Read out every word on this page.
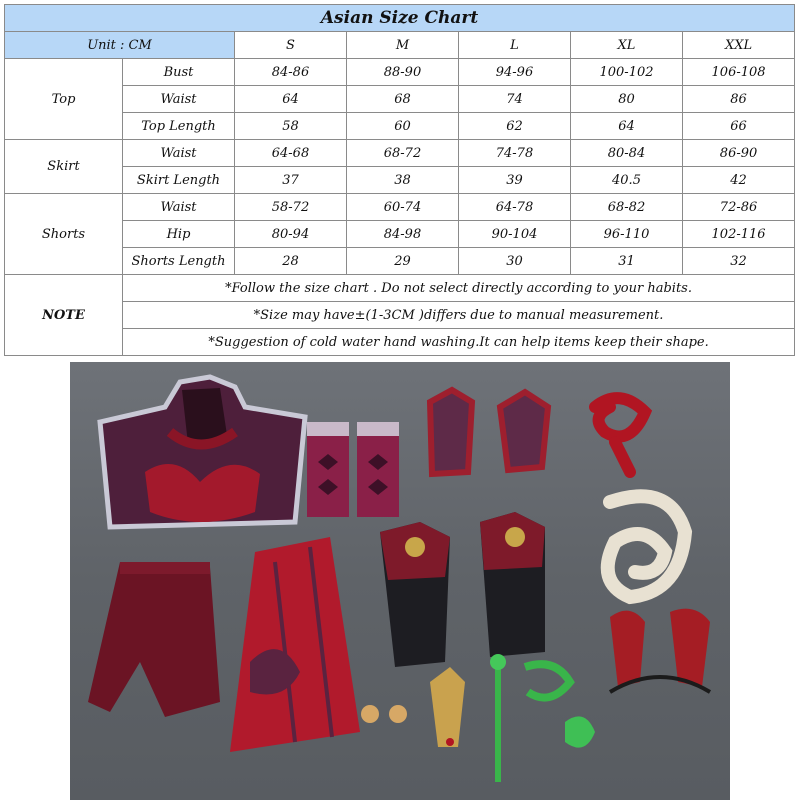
Asian Size Chart						
Unit : CM		S	M	L	XL	XXL
Top	Bust	84-86	88-90	94-96	100-102	106-108
	Waist	64	68	74	80	86
	Top Length	58	60	62	64	66
Skirt	Waist	64-68	68-72	74-78	80-84	86-90
	Skirt Length	37	38	39	40.5	42
Shorts	Waist	58-72	60-74	64-78	68-82	72-86
	Hip	80-94	84-98	90-104	96-110	102-116
	Shorts Length	28	29	30	31	32
NOTE	*Follow the size chart . Do not select directly according to your habits.					
	*Size may have±(1-3CM )differs due to manual measurement.					
	*Suggestion of cold water hand washing.It can help items keep their shape.					
